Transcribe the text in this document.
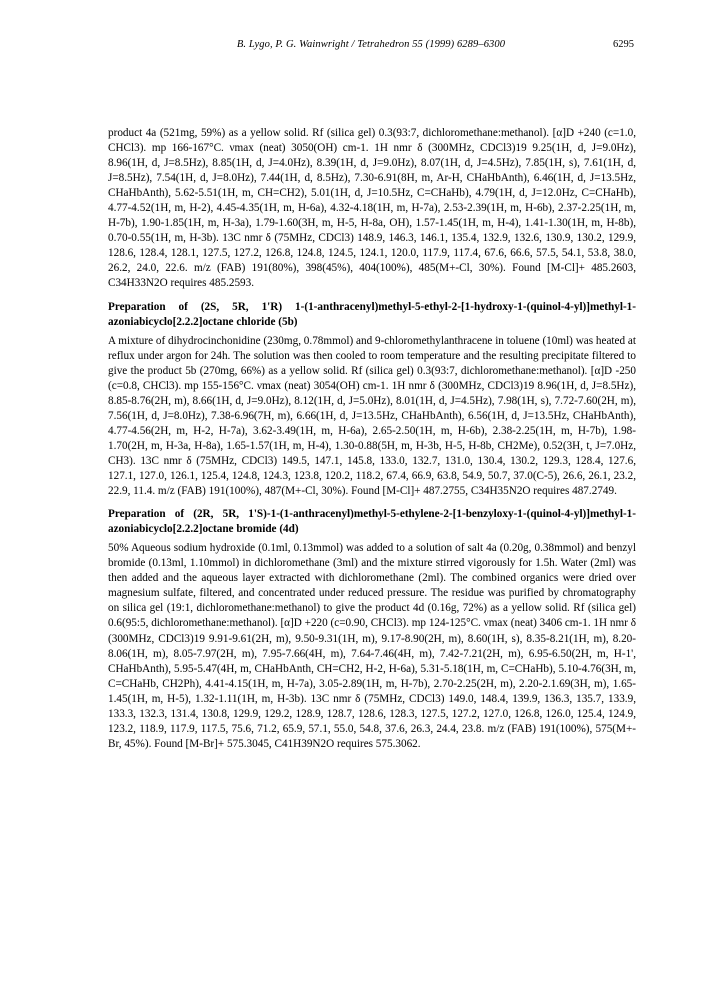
B. Lygo, P. G. Wainwright / Tetrahedron 55 (1999) 6289–6300	6295

product 4a (521mg, 59%) as a yellow solid. Rf (silica gel) 0.3(93:7, dichloromethane:methanol). [α]D +240 (c=1.0, CHCl3). mp 166-167°C. νmax (neat) 3050(OH) cm-1. 1H nmr δ (300MHz, CDCl3)19 9.25(1H, d, J=9.0Hz), 8.96(1H, d, J=8.5Hz), 8.85(1H, d, J=4.0Hz), 8.39(1H, d, J=9.0Hz), 8.07(1H, d, J=4.5Hz), 7.85(1H, s), 7.61(1H, d, J=8.5Hz), 7.54(1H, d, J=8.0Hz), 7.44(1H, d, 8.5Hz), 7.30-6.91(8H, m, Ar-H, CHaHbAnth), 6.46(1H, d, J=13.5Hz, CHaHbAnth), 5.62-5.51(1H, m, CH=CH2), 5.01(1H, d, J=10.5Hz, C=CHaHb), 4.79(1H, d, J=12.0Hz, C=CHaHb), 4.77-4.52(1H, m, H-2), 4.45-4.35(1H, m, H-6a), 4.32-4.18(1H, m, H-7a), 2.53-2.39(1H, m, H-6b), 2.37-2.25(1H, m, H-7b), 1.90-1.85(1H, m, H-3a), 1.79-1.60(3H, m, H-5, H-8a, OH), 1.57-1.45(1H, m, H-4), 1.41-1.30(1H, m, H-8b), 0.70-0.55(1H, m, H-3b). 13C nmr δ (75MHz, CDCl3) 148.9, 146.3, 146.1, 135.4, 132.9, 132.6, 130.9, 130.2, 129.9, 128.6, 128.4, 128.1, 127.5, 127.2, 126.8, 124.8, 124.5, 124.1, 120.0, 117.9, 117.4, 67.6, 66.6, 57.5, 54.1, 53.8, 38.0, 26.2, 24.0, 22.6. m/z (FAB) 191(80%), 398(45%), 404(100%), 485(M+-Cl, 30%). Found [M-Cl]+ 485.2603, C34H33N2O requires 485.2593.

Preparation of (2S, 5R, 1'R) 1-(1-anthracenyl)methyl-5-ethyl-2-[1-hydroxy-1-(quinol-4-yl)]methyl-1-azoniabicyclo[2.2.2]octane chloride (5b)

A mixture of dihydrocinchonidine (230mg, 0.78mmol) and 9-chloromethylanthracene in toluene (10ml) was heated at reflux under argon for 24h. The solution was then cooled to room temperature and the resulting precipitate filtered to give the product 5b (270mg, 66%) as a yellow solid. Rf (silica gel) 0.3(93:7, dichloromethane:methanol). [α]D -250 (c=0.8, CHCl3). mp 155-156°C. νmax (neat) 3054(OH) cm-1. 1H nmr δ (300MHz, CDCl3)19 8.96(1H, d, J=8.5Hz), 8.85-8.76(2H, m), 8.66(1H, d, J=9.0Hz), 8.12(1H, d, J=5.0Hz), 8.01(1H, d, J=4.5Hz), 7.98(1H, s), 7.72-7.60(2H, m), 7.56(1H, d, J=8.0Hz), 7.38-6.96(7H, m), 6.66(1H, d, J=13.5Hz, CHaHbAnth), 6.56(1H, d, J=13.5Hz, CHaHbAnth), 4.77-4.56(2H, m, H-2, H-7a), 3.62-3.49(1H, m, H-6a), 2.65-2.50(1H, m, H-6b), 2.38-2.25(1H, m, H-7b), 1.98-1.70(2H, m, H-3a, H-8a), 1.65-1.57(1H, m, H-4), 1.30-0.88(5H, m, H-3b, H-5, H-8b, CH2Me), 0.52(3H, t, J=7.0Hz, CH3). 13C nmr δ (75MHz, CDCl3) 149.5, 147.1, 145.8, 133.0, 132.7, 131.0, 130.4, 130.2, 129.3, 128.4, 127.6, 127.1, 127.0, 126.1, 125.4, 124.8, 124.3, 123.8, 120.2, 118.2, 67.4, 66.9, 63.8, 54.9, 50.7, 37.0(C-5), 26.6, 26.1, 23.2, 22.9, 11.4. m/z (FAB) 191(100%), 487(M+-Cl, 30%). Found [M-Cl]+ 487.2755, C34H35N2O requires 487.2749.

Preparation of (2R, 5R, 1'S)-1-(1-anthracenyl)methyl-5-ethylene-2-[1-benzyloxy-1-(quinol-4-yl)]methyl-1-azoniabicyclo[2.2.2]octane bromide (4d)

50% Aqueous sodium hydroxide (0.1ml, 0.13mmol) was added to a solution of salt 4a (0.20g, 0.38mmol) and benzyl bromide (0.13ml, 1.10mmol) in dichloromethane (3ml) and the mixture stirred vigorously for 1.5h. Water (2ml) was then added and the aqueous layer extracted with dichloromethane (2ml). The combined organics were dried over magnesium sulfate, filtered, and concentrated under reduced pressure. The residue was purified by chromatography on silica gel (19:1, dichloromethane:methanol) to give the product 4d (0.16g, 72%) as a yellow solid. Rf (silica gel) 0.6(95:5, dichloromethane:methanol). [α]D +220 (c=0.90, CHCl3). mp 124-125°C. νmax (neat) 3406 cm-1. 1H nmr δ (300MHz, CDCl3)19 9.91-9.61(2H, m), 9.50-9.31(1H, m), 9.17-8.90(2H, m), 8.60(1H, s), 8.35-8.21(1H, m), 8.20-8.06(1H, m), 8.05-7.97(2H, m), 7.95-7.66(4H, m), 7.64-7.46(4H, m), 7.42-7.21(2H, m), 6.95-6.50(2H, m, H-1', CHaHbAnth), 5.95-5.47(4H, m, CHaHbAnth, CH=CH2, H-2, H-6a), 5.31-5.18(1H, m, C=CHaHb), 5.10-4.76(3H, m, C=CHaHb, CH2Ph), 4.41-4.15(1H, m, H-7a), 3.05-2.89(1H, m, H-7b), 2.70-2.25(2H, m), 2.20-2.1.69(3H, m), 1.65-1.45(1H, m, H-5), 1.32-1.11(1H, m, H-3b). 13C nmr δ (75MHz, CDCl3) 149.0, 148.4, 139.9, 136.3, 135.7, 133.9, 133.3, 132.3, 131.4, 130.8, 129.9, 129.2, 128.9, 128.7, 128.6, 128.3, 127.5, 127.2, 127.0, 126.8, 126.0, 125.4, 124.9, 123.2, 118.9, 117.9, 117.5, 75.6, 71.2, 65.9, 57.1, 55.0, 54.8, 37.6, 26.3, 24.4, 23.8. m/z (FAB) 191(100%), 575(M+-Br, 45%). Found [M-Br]+ 575.3045, C41H39N2O requires 575.3062.
